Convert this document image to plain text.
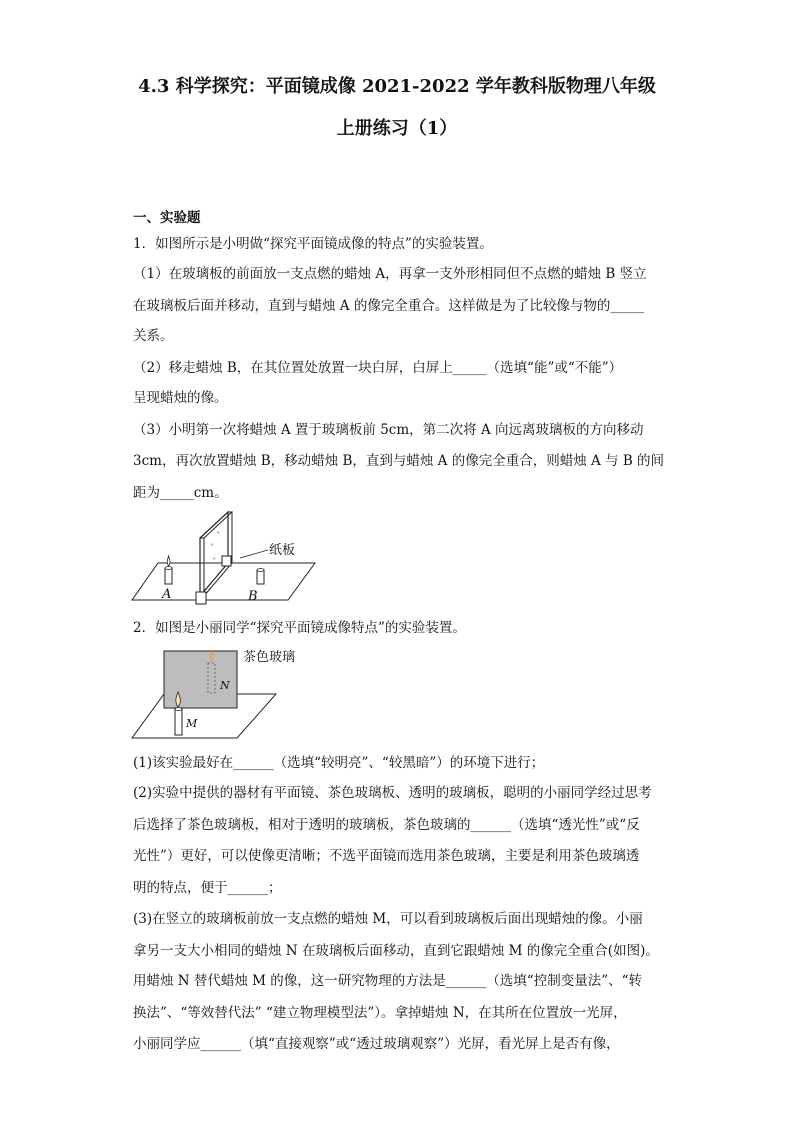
4.3 科学探究：平面镜成像 2021-2022 学年教科版物理八年级
上册练习（1）
一、实验题
1．如图所示是小明做“探究平面镜成像的特点”的实验装置。
（1）在玻璃板的前面放一支点燃的蜡烛 A，再拿一支外形相同但不点燃的蜡烛 B 竖立
在玻璃板后面并移动，直到与蜡烛 A 的像完全重合。这样做是为了比较像与物的_____
关系。
（2）移走蜡烛 B，在其位置处放置一块白屏，白屏上_____（选填“能”或“不能”）
呈现蜡烛的像。
（3）小明第一次将蜡烛 A 置于玻璃板前 5cm，第二次将 A 向远离玻璃板的方向移动
3cm，再次放置蜡烛 B，移动蜡烛 B，直到与蜡烛 A 的像完全重合，则蜡烛 A 与 B 的间
距为_____cm。
+
+
+
纸板
A	B
2．如图是小丽同学“探究平面镜成像特点”的实验装置。
茶色玻璃
N
M
(1)该实验最好在______（选填“较明亮”、“较黑暗”）的环境下进行；
(2)实验中提供的器材有平面镜、茶色玻璃板、透明的玻璃板，聪明的小丽同学经过思考
后选择了茶色玻璃板，相对于透明的玻璃板，茶色玻璃的______（选填“透光性”或“反
光性”）更好，可以使像更清晰；不选平面镜而选用茶色玻璃，主要是利用茶色玻璃透
明的特点，便于______；
(3)在竖立的玻璃板前放一支点燃的蜡烛 M，可以看到玻璃板后面出现蜡烛的像。小丽
拿另一支大小相同的蜡烛 N 在玻璃板后面移动，直到它跟蜡烛 M 的像完全重合(如图)。
用蜡烛 N 替代蜡烛 M 的像，这一研究物理的方法是______（选填“控制变量法”、“转
换法”、“等效替代法” “建立物理模型法”）。拿掉蜡烛 N，在其所在位置放一光屏，
小丽同学应______（填“直接观察”或“透过玻璃观察”）光屏，看光屏上是否有像，
